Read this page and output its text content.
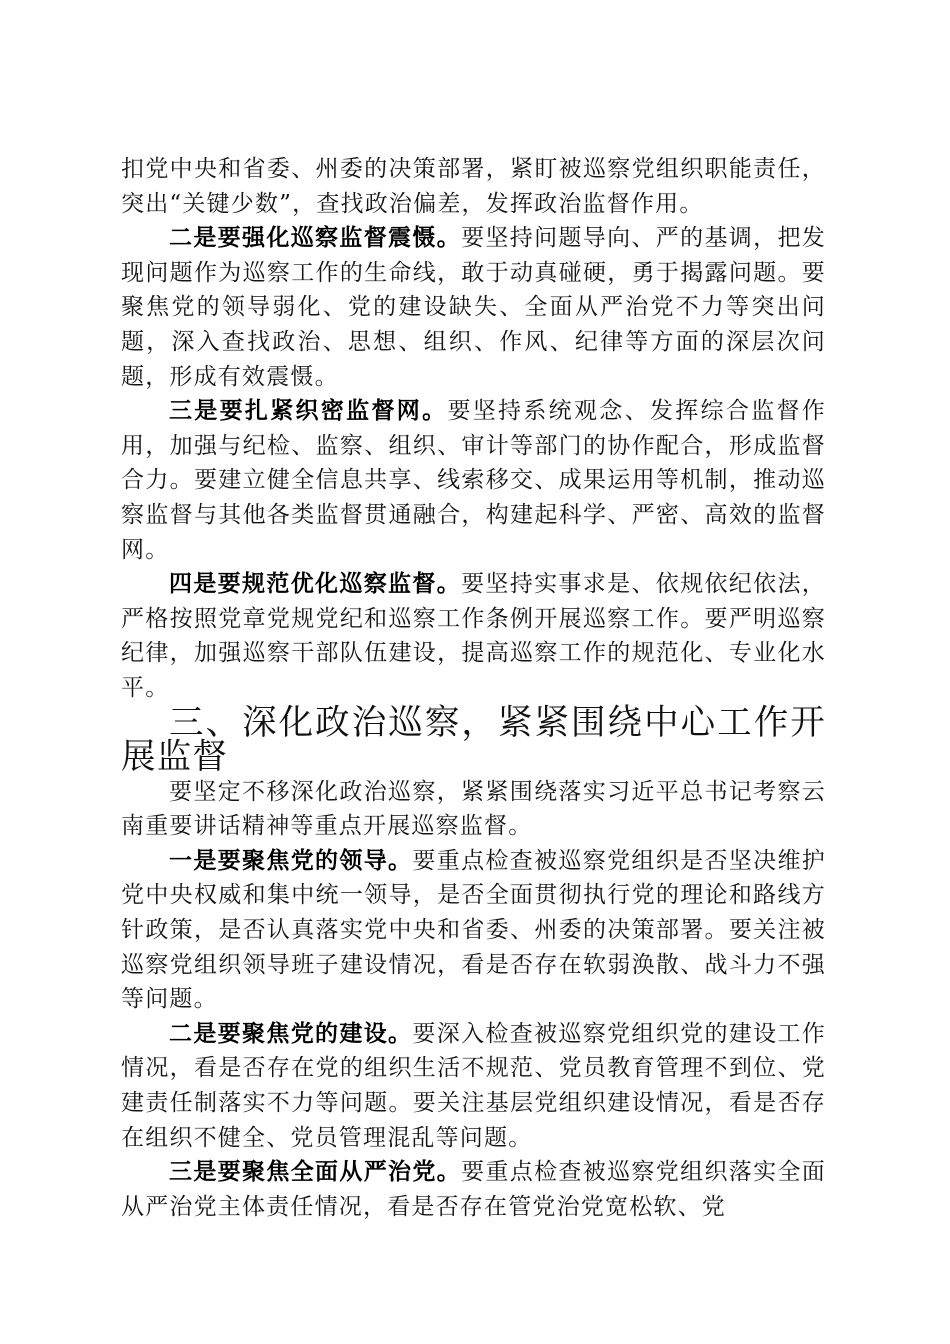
扣党中央和省委、州委的决策部署，紧盯被巡察党组织职能责任，突出“关键少数”，查找政治偏差，发挥政治监督作用。

二是要强化巡察监督震慑。要坚持问题导向、严的基调，把发现问题作为巡察工作的生命线，敢于动真碰硬，勇于揭露问题。要聚焦党的领导弱化、党的建设缺失、全面从严治党不力等突出问题，深入查找政治、思想、组织、作风、纪律等方面的深层次问题，形成有效震慑。

三是要扎紧织密监督网。要坚持系统观念、发挥综合监督作用，加强与纪检、监察、组织、审计等部门的协作配合，形成监督合力。要建立健全信息共享、线索移交、成果运用等机制，推动巡察监督与其他各类监督贯通融合，构建起科学、严密、高效的监督网。

四是要规范优化巡察监督。要坚持实事求是、依规依纪依法，严格按照党章党规党纪和巡察工作条例开展巡察工作。要严明巡察纪律，加强巡察干部队伍建设，提高巡察工作的规范化、专业化水平。

三、深化政治巡察，紧紧围绕中心工作开展监督

要坚定不移深化政治巡察，紧紧围绕落实习近平总书记考察云南重要讲话精神等重点开展巡察监督。

一是要聚焦党的领导。要重点检查被巡察党组织是否坚决维护党中央权威和集中统一领导，是否全面贯彻执行党的理论和路线方针政策，是否认真落实党中央和省委、州委的决策部署。要关注被巡察党组织领导班子建设情况，看是否存在软弱涣散、战斗力不强等问题。

二是要聚焦党的建设。要深入检查被巡察党组织党的建设工作情况，看是否存在党的组织生活不规范、党员教育管理不到位、党建责任制落实不力等问题。要关注基层党组织建设情况，看是否存在组织不健全、党员管理混乱等问题。

三是要聚焦全面从严治党。要重点检查被巡察党组织落实全面从严治党主体责任情况，看是否存在管党治党宽松软、党
